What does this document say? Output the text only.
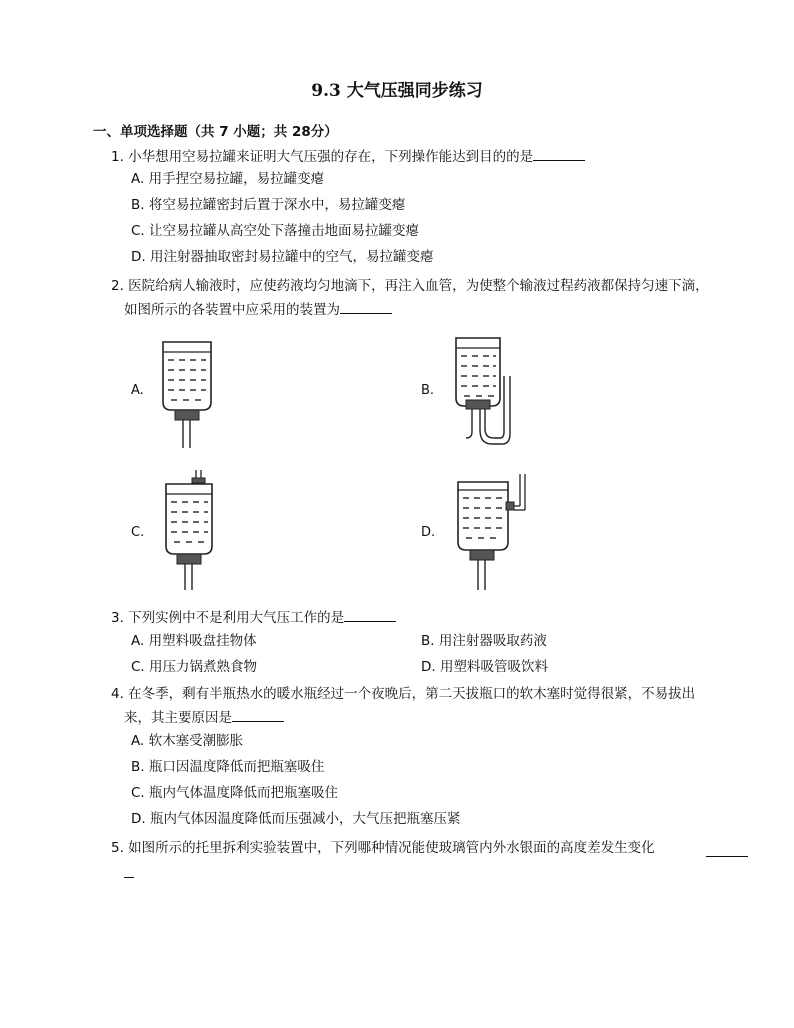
9.3 大气压强同步练习
一、单项选择题（共 7 小题；共 28分）
1. 小华想用空易拉罐来证明大气压强的存在，下列操作能达到目的的是
A. 用手捏空易拉罐，易拉罐变瘪
B. 将空易拉罐密封后置于深水中，易拉罐变瘪
C. 让空易拉罐从高空处下落撞击地面易拉罐变瘪
D. 用注射器抽取密封易拉罐中的空气，易拉罐变瘪
2. 医院给病人输液时，应使药液均匀地滴下，再注入血管，为使整个输液过程药液都保持匀速下滴，
如图所示的各装置中应采用的装置为
A.	B.
C.	D.
3. 下列实例中不是利用大气压工作的是
A. 用塑料吸盘挂物体	B. 用注射器吸取药液
C. 用压力锅煮熟食物	D. 用塑料吸管吸饮料
4. 在冬季，剩有半瓶热水的暖水瓶经过一个夜晚后，第二天拔瓶口的软木塞时觉得很紧，不易拔出
来，其主要原因是
A. 软木塞受潮膨胀
B. 瓶口因温度降低而把瓶塞吸住
C. 瓶内气体温度降低而把瓶塞吸住
D. 瓶内气体因温度降低而压强减小，大气压把瓶塞压紧
5. 如图所示的托里拆利实验装置中，下列哪种情况能使玻璃管内外水银面的高度差发生变化
